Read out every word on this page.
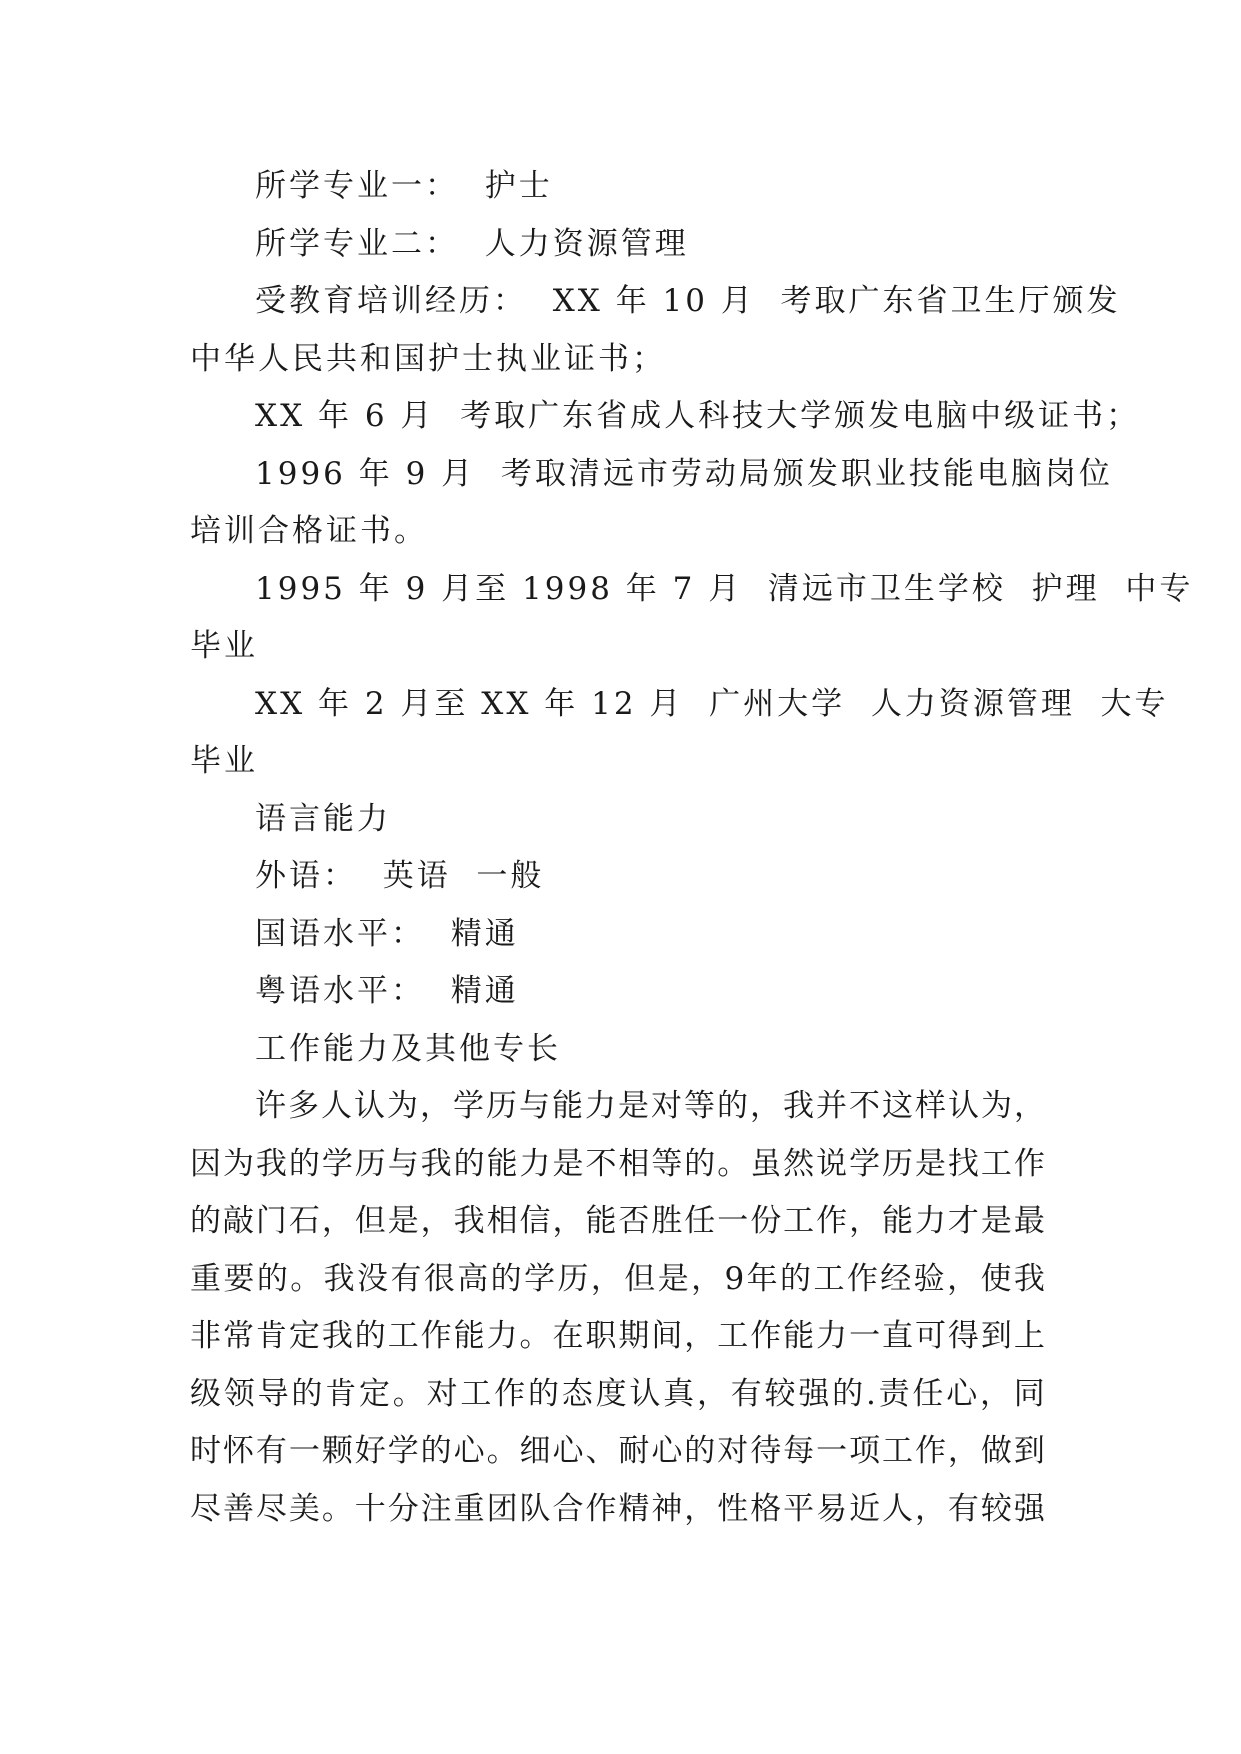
所学专业一：  护士
所学专业二：  人力资源管理
受教育培训经历：  XX 年 10 月  考取广东省卫生厅颁发
中华人民共和国护士执业证书；
XX 年 6 月  考取广东省成人科技大学颁发电脑中级证书；
1996 年 9 月  考取清远市劳动局颁发职业技能电脑岗位
培训合格证书。
1995 年 9 月至 1998 年 7 月  清远市卫生学校  护理  中专
毕业
XX 年 2 月至 XX 年 12 月  广州大学  人力资源管理  大专
毕业
语言能力
外语：  英语  一般
国语水平：  精通
粤语水平：  精通
工作能力及其他专长
许 多 人 认 为 ， 学 历 与 能 力 是 对 等 的 ， 我 并 不 这 样 认 为 ，
因 为 我 的 学 历 与 我 的 能 力 是 不 相 等 的 。 虽 然 说 学 历 是 找 工 作
的 敲 门 石 ， 但 是 ， 我 相 信 ， 能 否 胜 任 一 份 工 作 ， 能 力 才 是 最
重 要 的 。 我 没 有 很 高 的 学 历 ， 但 是 ， 9 年 的 工 作 经 验 ， 使 我
非 常 肯 定 我 的 工 作 能 力 。 在 职 期 间 ， 工 作 能 力 一 直 可 得 到 上
级 领 导 的 肯 定 。 对 工 作 的 态 度 认 真 ， 有 较 强 的 . 责 任 心 ， 同
时 怀 有 一 颗 好 学 的 心 。 细 心 、 耐 心 的 对 待 每 一 项 工 作 ， 做 到
尽 善 尽 美 。 十 分 注 重 团 队 合 作 精 神 ， 性 格 平 易 近 人 ， 有 较 强
